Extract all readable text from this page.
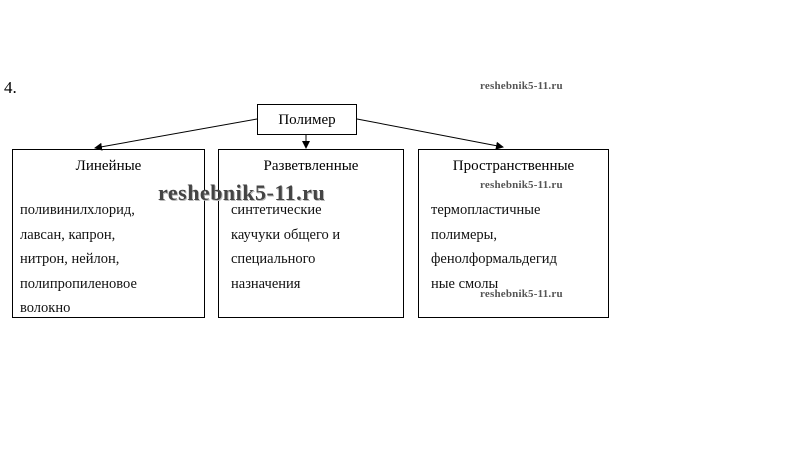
4.	reshebnik5-11.ru
Полимер
Линейные
поливинилхлорид,
лавсан, капрон,
нитрон, нейлон,
полипропиленовое
волокно
Разветвленные
синтетические
каучуки общего и
специального
назначения
Пространственные
термопластичные
полимеры,
фенолформальдегид
ные смолы
reshebnik5-11.ru	reshebnik5-11.ru
reshebnik5-11.ru
